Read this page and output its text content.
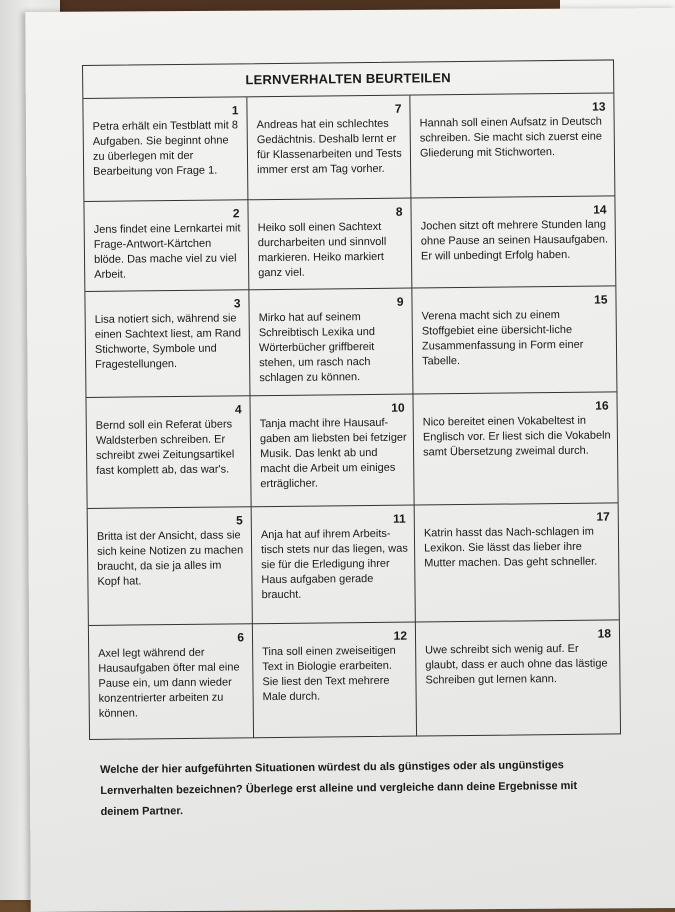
LERNVERHALTEN BEURTEILEN
1
Petra erhält ein Testblatt mit 8 Aufgaben. Sie beginnt ohne zu überlegen mit der Bearbeitung von Frage 1.
7
Andreas hat ein schlechtes Gedächtnis. Deshalb lernt er für Klassenarbeiten und Tests immer erst am Tag vorher.
13
Hannah soll einen Aufsatz in Deutsch schreiben. Sie macht sich zuerst eine Gliederung mit Stichworten.
2
Jens findet eine Lernkartei mit Frage-Antwort-Kärtchen blöde. Das mache viel zu viel Arbeit.
8
Heiko soll einen Sachtext durcharbeiten und sinnvoll markieren. Heiko markiert ganz viel.
14
Jochen sitzt oft mehrere Stunden lang ohne Pause an seinen Hausaufgaben. Er will unbedingt Erfolg haben.
3
Lisa notiert sich, während sie einen Sachtext liest, am Rand Stichworte, Symbole und Fragestellungen.
9
Mirko hat auf seinem Schreibtisch Lexika und Wörterbücher griffbereit stehen, um rasch nach schlagen zu können.
15
Verena macht sich zu einem Stoffgebiet eine übersicht-liche Zusammenfassung in Form einer Tabelle.
4
Bernd soll ein Referat übers Waldsterben schreiben. Er schreibt zwei Zeitungsartikel fast komplett ab, das war's.
10
Tanja macht ihre Hausauf-gaben am liebsten bei fetziger Musik. Das lenkt ab und macht die Arbeit um einiges erträglicher.
16
Nico bereitet einen Vokabeltest in Englisch vor. Er liest sich die Vokabeln samt Übersetzung zweimal durch.
5
Britta ist der Ansicht, dass sie sich keine Notizen zu machen braucht, da sie ja alles im Kopf hat.
11
Anja hat auf ihrem Arbeits-tisch stets nur das liegen, was sie für die Erledigung ihrer Haus aufgaben gerade braucht.
17
Katrin hasst das Nach-schlagen im Lexikon. Sie lässt das lieber ihre Mutter machen. Das geht schneller.
6
Axel legt während der Hausaufgaben öfter mal eine Pause ein, um dann wieder konzentrierter arbeiten zu können.
12
Tina soll einen zweiseitigen Text in Biologie erarbeiten. Sie liest den Text mehrere Male durch.
18
Uwe schreibt sich wenig auf. Er glaubt, dass er auch ohne das lästige Schreiben gut lernen kann.
Welche der hier aufgeführten Situationen würdest du als günstiges oder als ungünstiges Lernverhalten bezeichnen? Überlege erst alleine und vergleiche dann deine Ergebnisse mit deinem Partner.
